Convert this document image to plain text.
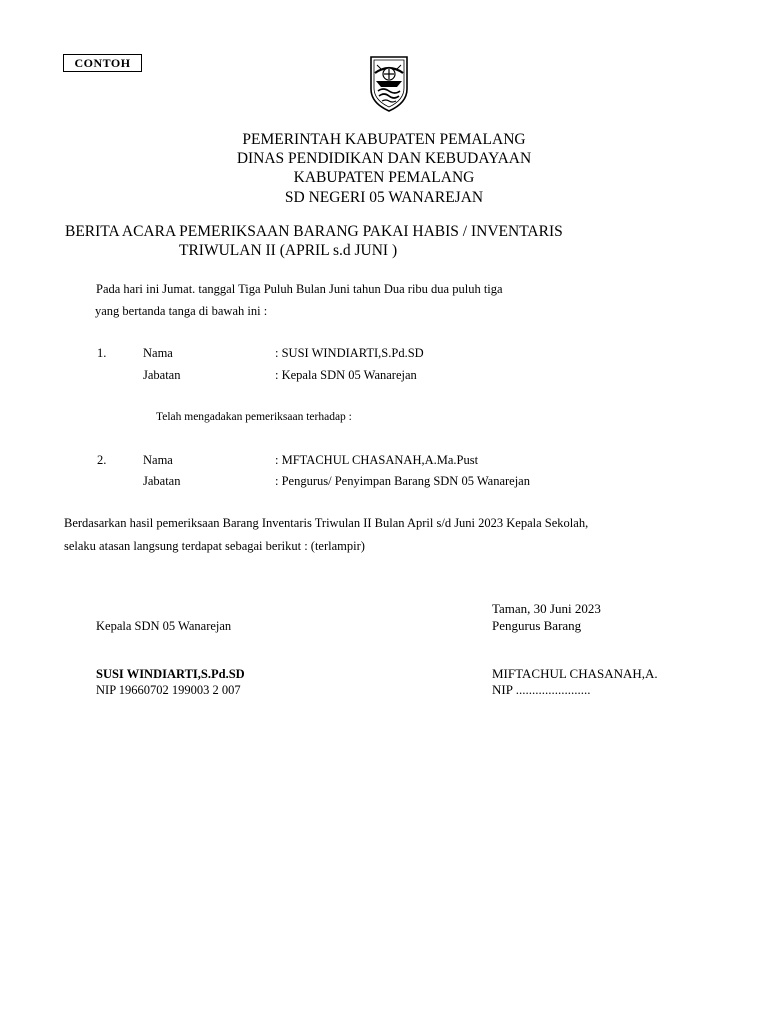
CONTOH
PEMERINTAH KABUPATEN PEMALANG
DINAS PENDIDIKAN DAN KEBUDAYAAN
KABUPATEN PEMALANG
SD NEGERI 05 WANAREJAN
BERITA ACARA PEMERIKSAAN BARANG PAKAI HABIS / INVENTARIS
TRIWULAN II (APRIL s.d JUNI )
Pada hari ini Jumat. tanggal Tiga Puluh Bulan Juni tahun Dua ribu dua puluh tiga
yang bertanda tanga di bawah ini :
1.	Nama	: SUSI WINDIARTI,S.Pd.SD
Jabatan	: Kepala SDN 05 Wanarejan
Telah mengadakan pemeriksaan terhadap :
2.	Nama	: MFTACHUL CHASANAH,A.Ma.Pust
Jabatan	: Pengurus/ Penyimpan Barang SDN 05 Wanarejan
Berdasarkan hasil pemeriksaan Barang Inventaris Triwulan II Bulan April s/d Juni 2023 Kepala Sekolah,
selaku atasan langsung terdapat sebagai berikut : (terlampir)
Taman, 30 Juni 2023
Pengurus Barang
Kepala SDN 05 Wanarejan
SUSI WINDIARTI,S.Pd.SD
NIP 19660702 199003 2 007
MIFTACHUL CHASANAH,A.
NIP .......................
